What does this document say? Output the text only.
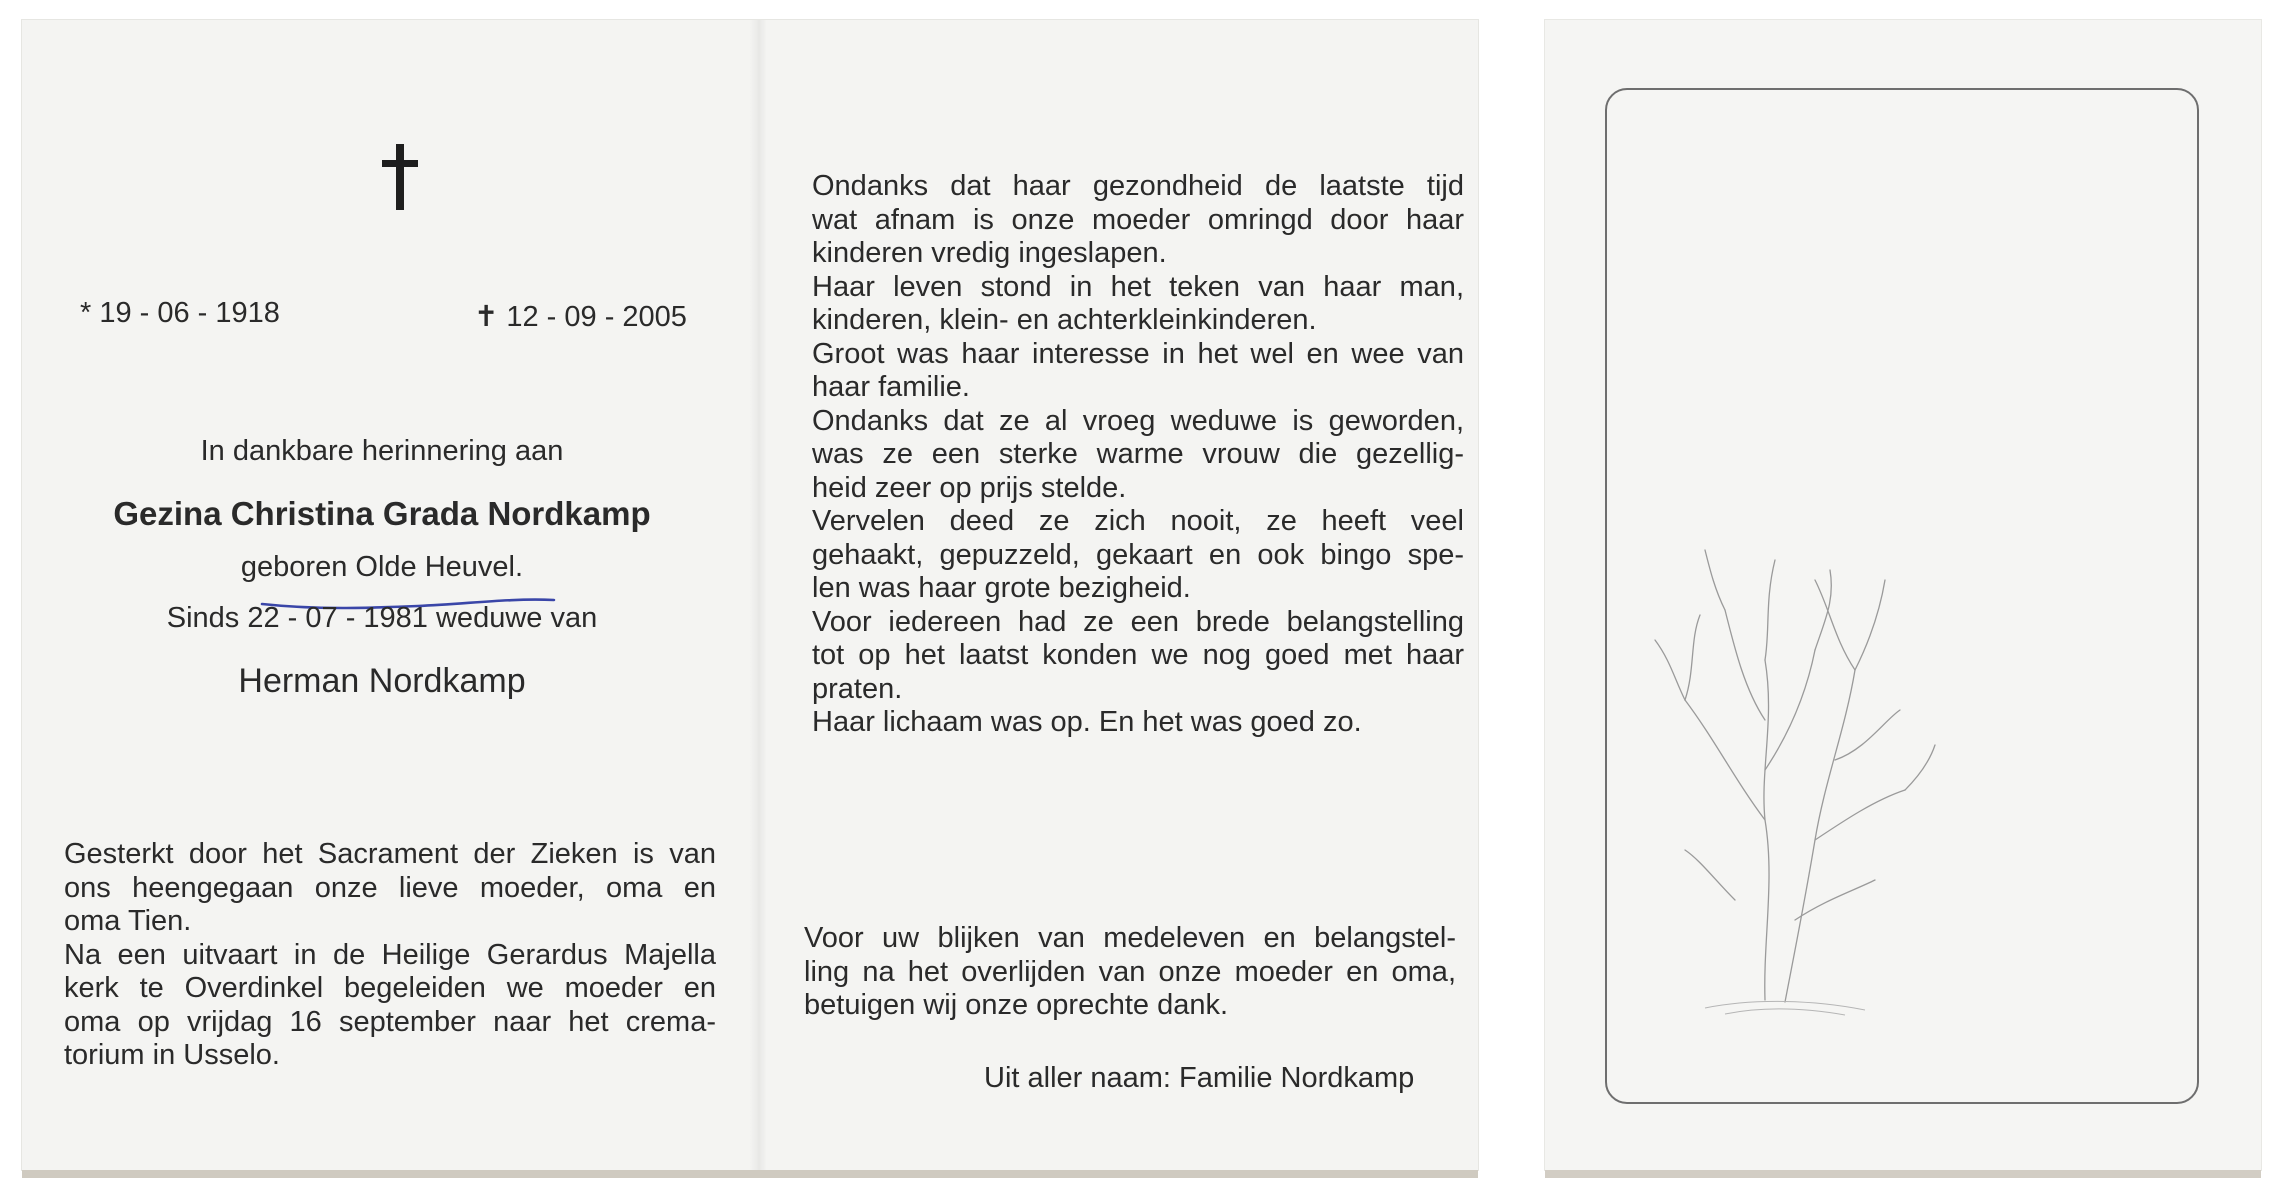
* 19 - 06 - 1918	✝ 12 - 09 - 2005
In dankbare herinnering aan
Gezina Christina Grada Nordkamp
geboren Olde Heuvel.
Sinds 22 - 07 - 1981 weduwe van
Herman Nordkamp
Gesterkt door het Sacrament der Zieken is van
ons heengegaan onze lieve moeder, oma en
oma Tien.
Na een uitvaart in de Heilige Gerardus Majella
kerk te Overdinkel begeleiden we moeder en
oma op vrijdag 16 september naar het crema-
torium in Usselo.
Ondanks dat haar gezondheid de laatste tijd
wat afnam is onze moeder omringd door haar
kinderen vredig ingeslapen.
Haar leven stond in het teken van haar man,
kinderen, klein- en achterkleinkinderen.
Groot was haar interesse in het wel en wee van
haar familie.
Ondanks dat ze al vroeg weduwe is geworden,
was ze een sterke warme vrouw die gezellig-
heid zeer op prijs stelde.
Vervelen deed ze zich nooit, ze heeft veel
gehaakt, gepuzzeld, gekaart en ook bingo spe-
len was haar grote bezigheid.
Voor iedereen had ze een brede belangstelling
tot op het laatst konden we nog goed met haar
praten.
Haar lichaam was op. En het was goed zo.
Voor uw blijken van medeleven en belangstel-
ling na het overlijden van onze moeder en oma,
betuigen wij onze oprechte dank.
Uit aller naam: Familie Nordkamp
